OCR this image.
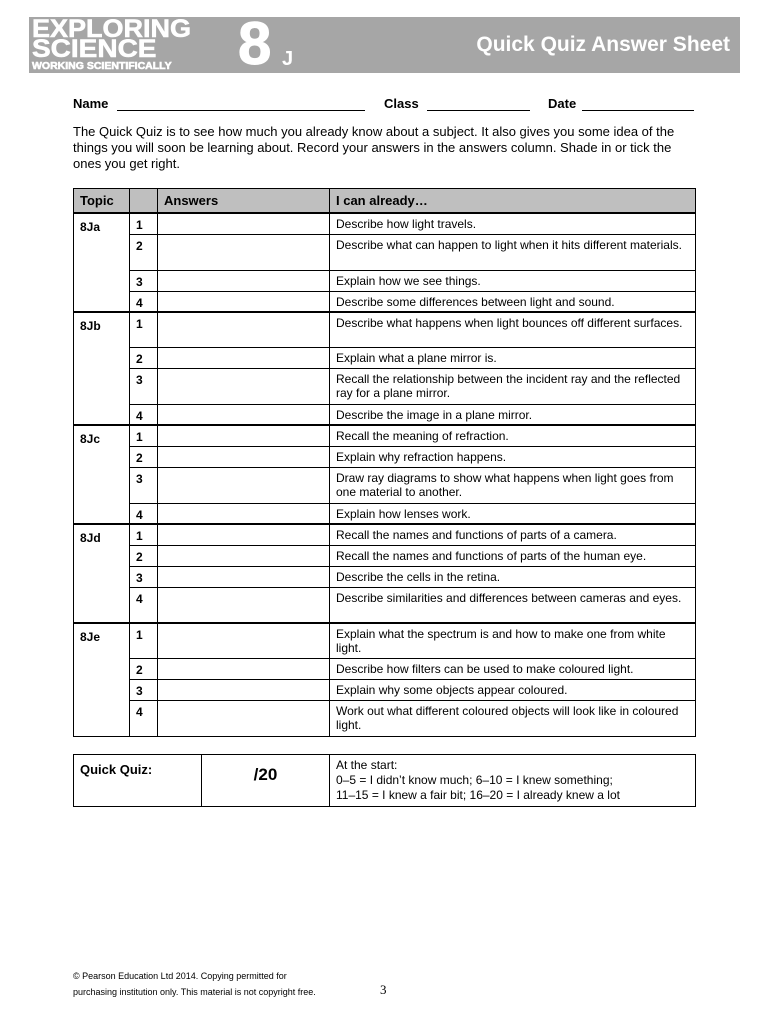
EXPLORING
SCIENCE
WORKING SCIENTIFICALLY 8 J
Quick Quiz Answer Sheet
Name	Class	Date
The Quick Quiz is to see how much you already know about a subject. It also gives you some idea of the things you will soon be learning about. Record your answers in the answers column. Shade in or tick the ones you get right.
Topic		Answers	I can already…
8Ja	1		Describe how light travels.
	2		Describe what can happen to light when it hits different materials.
	3		Explain how we see things.
	4		Describe some differences between light and sound.
8Jb	1		Describe what happens when light bounces off different surfaces.
	2		Explain what a plane mirror is.
	3		Recall the relationship between the incident ray and the reflected ray for a plane mirror.
	4		Describe the image in a plane mirror.
8Jc	1		Recall the meaning of refraction.
	2		Explain why refraction happens.
	3		Draw ray diagrams to show what happens when light goes from one material to another.
	4		Explain how lenses work.
8Jd	1		Recall the names and functions of parts of a camera.
	2		Recall the names and functions of parts of the human eye.
	3		Describe the cells in the retina.
	4		Describe similarities and differences between cameras and eyes.
8Je	1		Explain what the spectrum is and how to make one from white light.
	2		Describe how filters can be used to make coloured light.
	3		Explain why some objects appear coloured.
	4		Work out what different coloured objects will look like in coloured light.
Quick Quiz:	/20	At the start:
0–5 = I didn’t know much; 6–10 = I knew something;
11–15 = I knew a fair bit; 16–20 = I already knew a lot
© Pearson Education Ltd 2014. Copying permitted for
purchasing institution only. This material is not copyright free.	3
